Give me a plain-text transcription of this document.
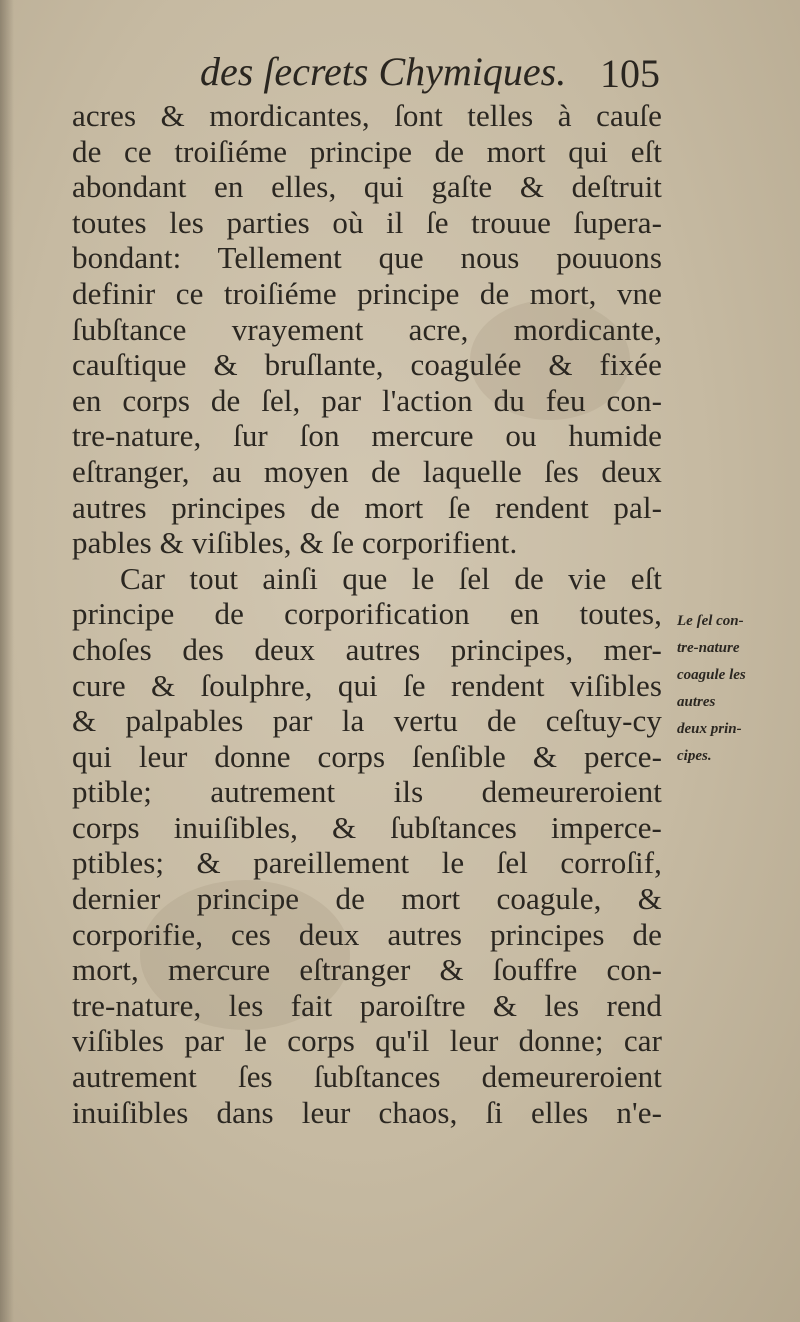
des ſecrets Chymiques. 105
acres & mordicantes, ſont telles à cauſe
de ce troiſiéme principe de mort qui eſt
abondant en elles, qui gaſte & deſtruit
toutes les parties où il ſe trouue ſupera-
bondant: Tellement que nous pouuons
definir ce troiſiéme principe de mort, vne
ſubſtance vrayement acre, mordicante,
cauſtique & bruſlante, coagulée & fixée
en corps de ſel, par l'action du feu con-
tre-nature, ſur ſon mercure ou humide
eſtranger, au moyen de laquelle ſes deux
autres principes de mort ſe rendent pal-
pables & viſibles, & ſe corporifient.
Car tout ainſi que le ſel de vie eſt
principe de corporification en toutes,
choſes des deux autres principes, mer-
cure & ſoulphre, qui ſe rendent viſibles
& palpables par la vertu de ceſtuy-cy
qui leur donne corps ſenſible & perce-
ptible; autrement ils demeureroient
corps inuiſibles, & ſubſtances imperce-
ptibles; & pareillement le ſel corroſif,
dernier principe de mort coagule, &
corporifie, ces deux autres principes de
mort, mercure eſtranger & ſouffre con-
tre-nature, les fait paroiſtre & les rend
viſibles par le corps qu'il leur donne; car
autrement ſes ſubſtances demeureroient
inuiſibles dans leur chaos, ſi elles n'e-
Le ſel con-
tre-nature
coagule les
autres
deux prin-
cipes.
